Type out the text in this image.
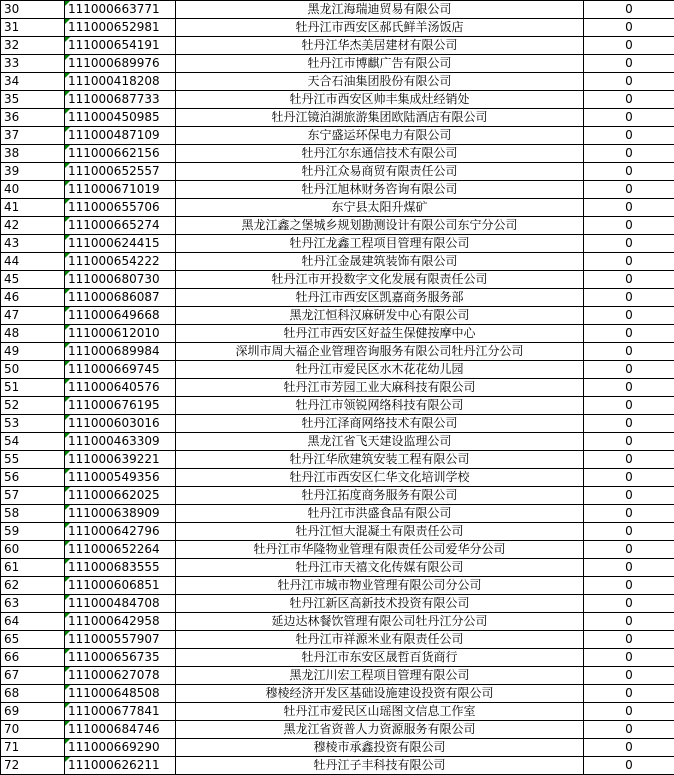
30	111000663771	黑龙江海瑞迪贸易有限公司	0
31	111000652981	牡丹江市西安区郝氏鲜羊汤饭店	0
32	111000654191	牡丹江华杰美居建材有限公司	0
33	111000689976	牡丹江市博麒广告有限公司	0
34	111000418208	天合石油集团股份有限公司	0
35	111000687733	牡丹江市西安区帅丰集成灶经销处	0
36	111000450985	牡丹江镜泊湖旅游集团欧陆酒店有限公司	0
37	111000487109	东宁盛运环保电力有限公司	0
38	111000662156	牡丹江尔东通信技术有限公司	0
39	111000652557	牡丹江众易商贸有限责任公司	0
40	111000671019	牡丹江旭林财务咨询有限公司	0
41	111000655706	东宁县太阳升煤矿	0
42	111000665274	黑龙江鑫之堡城乡规划勘测设计有限公司东宁分公司	0
43	111000624415	牡丹江龙鑫工程项目管理有限公司	0
44	111000654222	牡丹江金晟建筑装饰有限公司	0
45	111000680730	牡丹江市开投数字文化发展有限责任公司	0
46	111000686087	牡丹江市西安区凯嘉商务服务部	0
47	111000649668	黑龙江恒科汉麻研发中心有限公司	0
48	111000612010	牡丹江市西安区好益生保健按摩中心	0
49	111000689984	深圳市周大福企业管理咨询服务有限公司牡丹江分公司	0
50	111000669745	牡丹江市爱民区水木花花幼儿园	0
51	111000640576	牡丹江市芳园工业大麻科技有限公司	0
52	111000676195	牡丹江市领锐网络科技有限公司	0
53	111000603016	牡丹江泽商网络技术有限公司	0
54	111000463309	黑龙江省飞天建设监理公司	0
55	111000639221	牡丹江华欣建筑安装工程有限公司	0
56	111000549356	牡丹江市西安区仁华文化培训学校	0
57	111000662025	牡丹江拓度商务服务有限公司	0
58	111000638909	牡丹江市洪盛食品有限公司	0
59	111000642796	牡丹江恒大混凝土有限责任公司	0
60	111000652264	牡丹江市华隆物业管理有限责任公司爱华分公司	0
61	111000683555	牡丹江市天禧文化传媒有限公司	0
62	111000606851	牡丹江市城市物业管理有限公司分公司	0
63	111000484708	牡丹江新区高新技术投资有限公司	0
64	111000642958	延边达林餐饮管理有限公司牡丹江分公司	0
65	111000557907	牡丹江市祥源米业有限责任公司	0
66	111000656735	牡丹江市东安区晟哲百货商行	0
67	111000627078	黑龙江川宏工程项目管理有限公司	0
68	111000648508	穆棱经济开发区基础设施建设投资有限公司	0
69	111000677841	牡丹江市爱民区山瑶图文信息工作室	0
70	111000684746	黑龙江省资普人力资源服务有限公司	0
71	111000669290	穆棱市承鑫投资有限公司	0
72	111000626211	牡丹江子丰科技有限公司	0
